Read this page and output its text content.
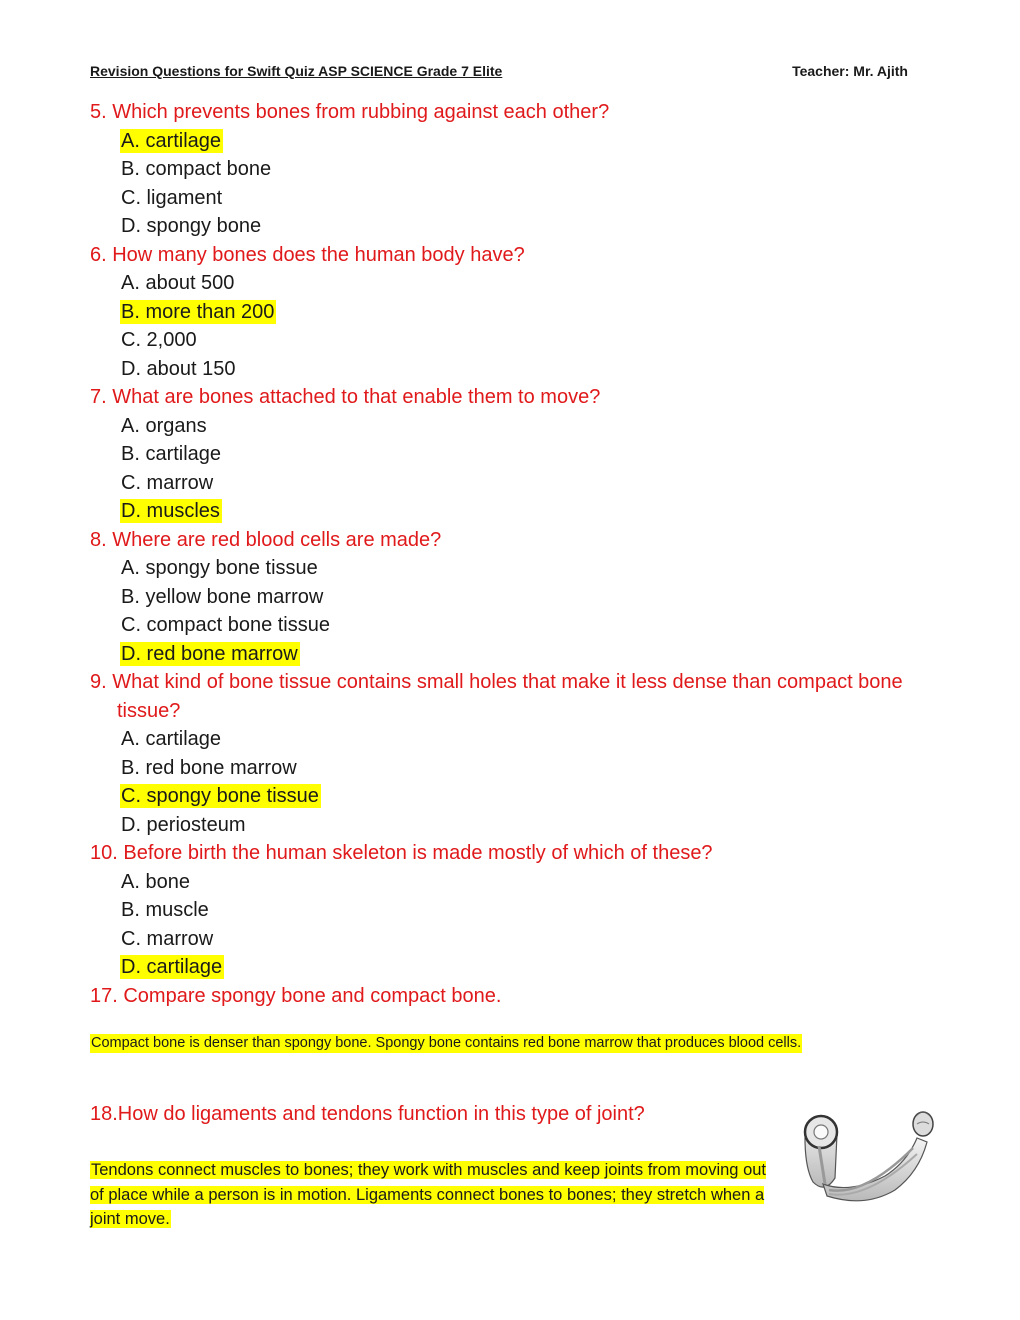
Revision Questions for Swift Quiz ASP SCIENCE Grade 7 Elite	Teacher: Mr. Ajith
5. Which prevents bones from rubbing against each other?
A. cartilage
B. compact bone
C. ligament
D. spongy bone
6. How many bones does the human body have?
A. about 500
B. more than 200
C. 2,000
D. about 150
7. What are bones attached to that enable them to move?
A. organs
B. cartilage
C. marrow
D. muscles
8. Where are red blood cells are made?
A. spongy bone tissue
B. yellow bone marrow
C. compact bone tissue
D. red bone marrow
9. What kind of bone tissue contains small holes that make it less dense than compact bone tissue?
A. cartilage
B. red bone marrow
C. spongy bone tissue
D. periosteum
10. Before birth the human skeleton is made mostly of which of these?
A. bone
B. muscle
C. marrow
D. cartilage
17. Compare spongy bone and compact bone.
Compact bone is denser than spongy bone. Spongy bone contains red bone marrow that produces blood cells.
18.How do ligaments and tendons function in this type of joint?
Tendons connect muscles to bones; they work with muscles and keep joints from moving out of place while a person is in motion. Ligaments connect bones to bones; they stretch when a joint move.
